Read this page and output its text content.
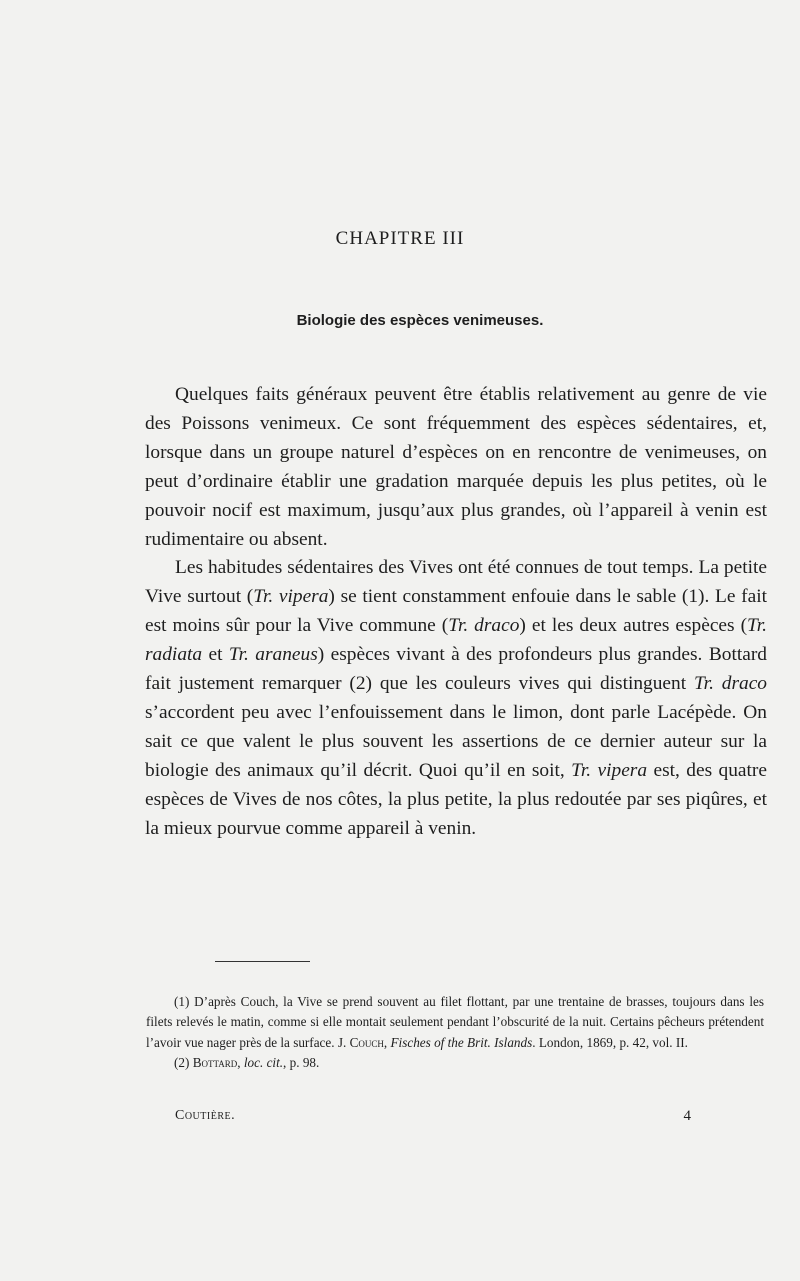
CHAPITRE III
Biologie des espèces venimeuses.

Quelques faits généraux peuvent être établis relativement au genre de vie des Poissons venimeux. Ce sont fréquemment des espèces sédentaires, et, lorsque dans un groupe naturel d’espèces on en rencontre de venimeuses, on peut d’ordinaire établir une gradation marquée depuis les plus petites, où le pouvoir nocif est maximum, jusqu’aux plus grandes, où l’appareil à venin est rudimentaire ou absent.

Les habitudes sédentaires des Vives ont été connues de tout temps. La petite Vive surtout (Tr. vipera) se tient constamment enfouie dans le sable (1). Le fait est moins sûr pour la Vive commune (Tr. draco) et les deux autres espèces (Tr. radiata et Tr. araneus) espèces vivant à des profondeurs plus grandes. Bottard fait justement remarquer (2) que les couleurs vives qui distinguent Tr. draco s’accordent peu avec l’enfouissement dans le limon, dont parle Lacépède. On sait ce que valent le plus souvent les assertions de ce dernier auteur sur la biologie des animaux qu’il décrit. Quoi qu’il en soit, Tr. vipera est, des quatre espèces de Vives de nos côtes, la plus petite, la plus redoutée par ses piqûres, et la mieux pourvue comme appareil à venin.

(1) D’après Couch, la Vive se prend souvent au filet flottant, par une trentaine de brasses, toujours dans les filets relevés le matin, comme si elle montait seulement pendant l’obscurité de la nuit. Certains pêcheurs prétendent l’avoir vue nager près de la surface. J. Couch, Fisches of the Brit. Islands. London, 1869, p. 42, vol. II.

(2) Bottard, loc. cit., p. 98.

Coutière.	4
